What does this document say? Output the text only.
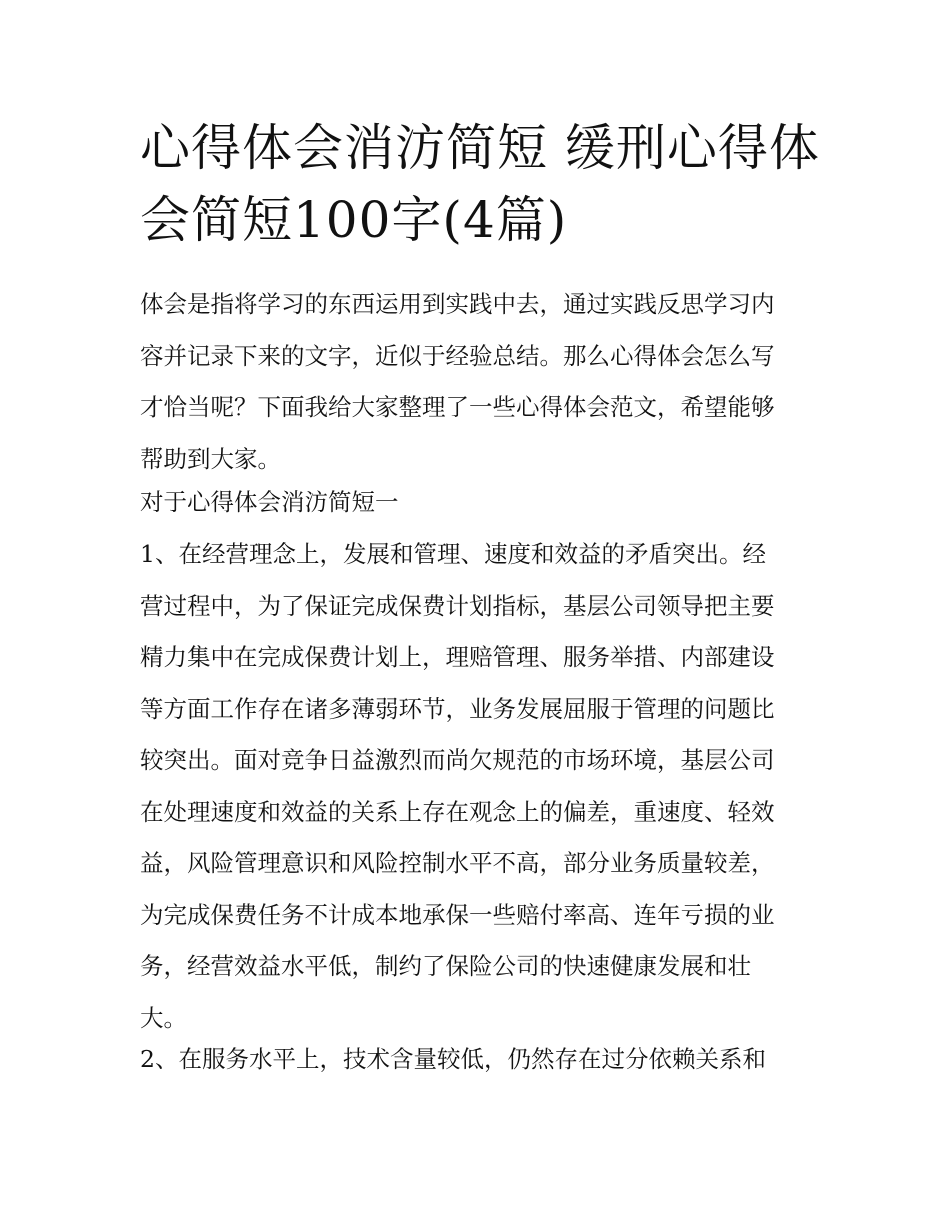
心得体会消汸简短 缓刑心得体
会简短100字(4篇)

体会是指将学习的东西运用到实践中去，通过实践反思学习内
容并记录下来的文字，近似于经验总结。那么心得体会怎么写
才恰当呢？下面我给大家整理了一些心得体会范文，希望能够
帮助到大家。

对于心得体会消汸简短一

1、在经营理念上，发展和管理、速度和效益的矛盾突出。经
营过程中，为了保证完成保费计划指标，基层公司领导把主要
精力集中在完成保费计划上，理赔管理、服务举措、内部建设
等方面工作存在诸多薄弱环节，业务发展屈服于管理的问题比
较突出。面对竞争日益激烈而尚欠规范的市场环境，基层公司
在处理速度和效益的关系上存在观念上的偏差，重速度、轻效
益，风险管理意识和风险控制水平不高，部分业务质量较差，
为完成保费任务不计成本地承保一些赔付率高、连年亏损的业
务，经营效益水平低，制约了保险公司的快速健康发展和壮
大。

2、在服务水平上，技术含量较低，仍然存在过分依赖关系和
